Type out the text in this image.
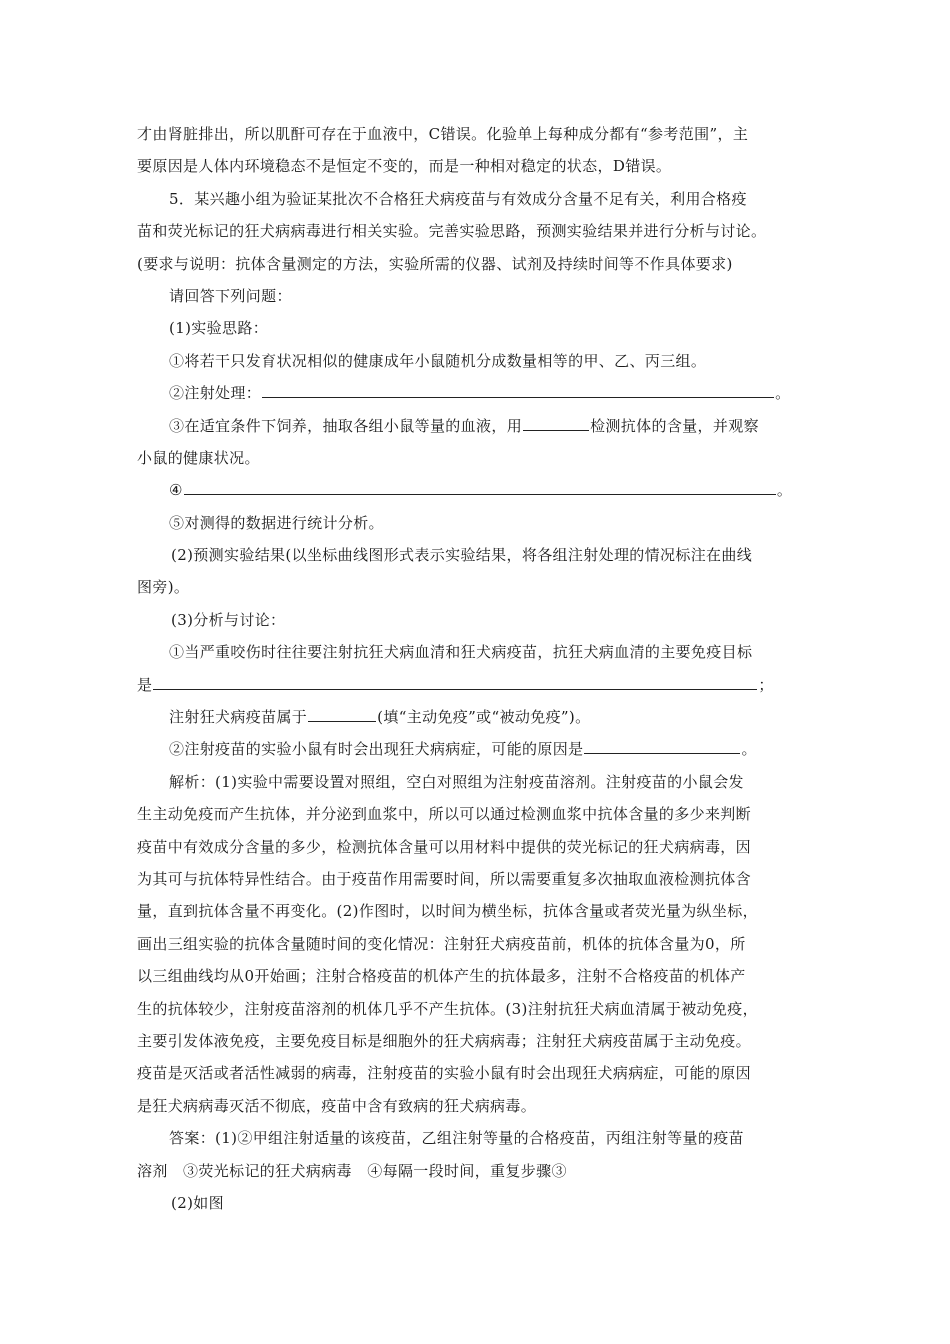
才由肾脏排出，所以肌酐可存在于血液中，C错误。化验单上每种成分都有“参考范围”，主
要原因是人体内环境稳态不是恒定不变的，而是一种相对稳定的状态，D错误。
5．某兴趣小组为验证某批次不合格狂犬病疫苗与有效成分含量不足有关，利用合格疫
苗和荧光标记的狂犬病病毒进行相关实验。完善实验思路，预测实验结果并进行分析与讨论。
(要求与说明：抗体含量测定的方法，实验所需的仪器、试剂及持续时间等不作具体要求)
请回答下列问题：
(1)实验思路：
①将若干只发育状况相似的健康成年小鼠随机分成数量相等的甲、乙、丙三组。
②注射处理：	。
③在适宜条件下饲养，抽取各组小鼠等量的血液，用	检测抗体的含量，并观察
小鼠的健康状况。
④	。
⑤对测得的数据进行统计分析。
(2)预测实验结果(以坐标曲线图形式表示实验结果，将各组注射处理的情况标注在曲线
图旁)。
(3)分析与讨论：
①当严重咬伤时往往要注射抗狂犬病血清和狂犬病疫苗，抗狂犬病血清的主要免疫目标
是	；
注射狂犬病疫苗属于	(填“主动免疫”或“被动免疫”)。
②注射疫苗的实验小鼠有时会出现狂犬病病症，可能的原因是	。
解析：(1)实验中需要设置对照组，空白对照组为注射疫苗溶剂。注射疫苗的小鼠会发
生主动免疫而产生抗体，并分泌到血浆中，所以可以通过检测血浆中抗体含量的多少来判断
疫苗中有效成分含量的多少，检测抗体含量可以用材料中提供的荧光标记的狂犬病病毒，因
为其可与抗体特异性结合。由于疫苗作用需要时间，所以需要重复多次抽取血液检测抗体含
量，直到抗体含量不再变化。(2)作图时，以时间为横坐标，抗体含量或者荧光量为纵坐标，
画出三组实验的抗体含量随时间的变化情况：注射狂犬病疫苗前，机体的抗体含量为0，所
以三组曲线均从0开始画；注射合格疫苗的机体产生的抗体最多，注射不合格疫苗的机体产
生的抗体较少，注射疫苗溶剂的机体几乎不产生抗体。(3)注射抗狂犬病血清属于被动免疫，
主要引发体液免疫，主要免疫目标是细胞外的狂犬病病毒；注射狂犬病疫苗属于主动免疫。
疫苗是灭活或者活性减弱的病毒，注射疫苗的实验小鼠有时会出现狂犬病病症，可能的原因
是狂犬病病毒灭活不彻底，疫苗中含有致病的狂犬病病毒。
答案：(1)②甲组注射适量的该疫苗，乙组注射等量的合格疫苗，丙组注射等量的疫苗
溶剂　③荧光标记的狂犬病病毒　④每隔一段时间，重复步骤③
(2)如图
